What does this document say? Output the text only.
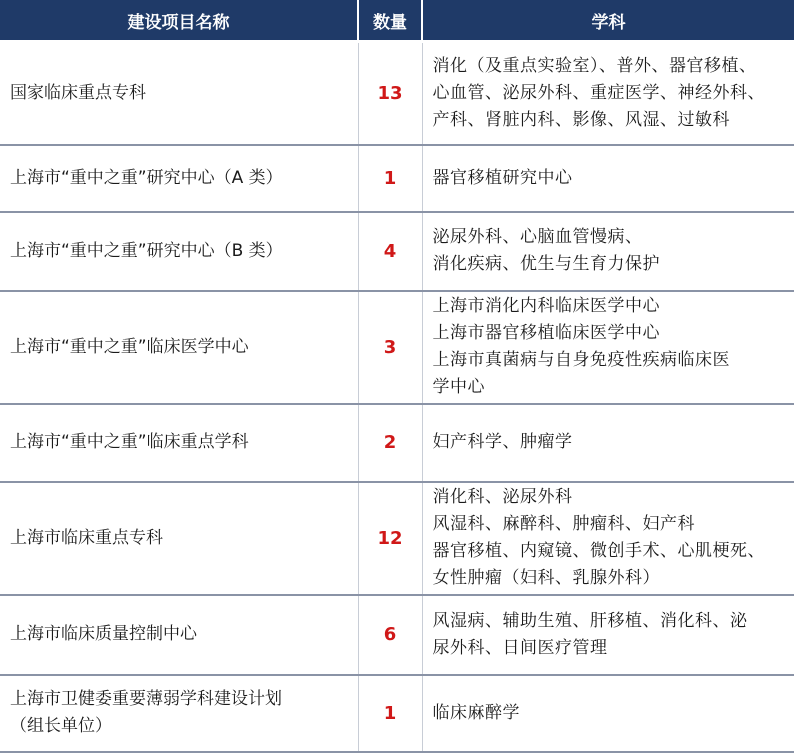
建设项目名称	数量	学科

国家临床重点专科	13	消化（及重点实验室）、普外、器官移植、
心血管、泌尿外科、重症医学、神经外科、
产科、肾脏内科、影像、风湿、过敏科

上海市“重中之重”研究中心（A 类）	1	器官移植研究中心

上海市“重中之重”研究中心（B 类）	4	泌尿外科、心脑血管慢病、
消化疾病、优生与生育力保护

上海市“重中之重”临床医学中心	3	上海市消化内科临床医学中心
上海市器官移植临床医学中心
上海市真菌病与自身免疫性疾病临床医
学中心

上海市“重中之重”临床重点学科	2	妇产科学、肿瘤学

上海市临床重点专科	12	消化科、泌尿外科
风湿科、麻醉科、肿瘤科、妇产科
器官移植、内窥镜、微创手术、心肌梗死、
女性肿瘤（妇科、乳腺外科）

上海市临床质量控制中心	6	风湿病、辅助生殖、肝移植、消化科、泌
尿外科、日间医疗管理

上海市卫健委重要薄弱学科建设计划
（组长单位）	1	临床麻醉学
